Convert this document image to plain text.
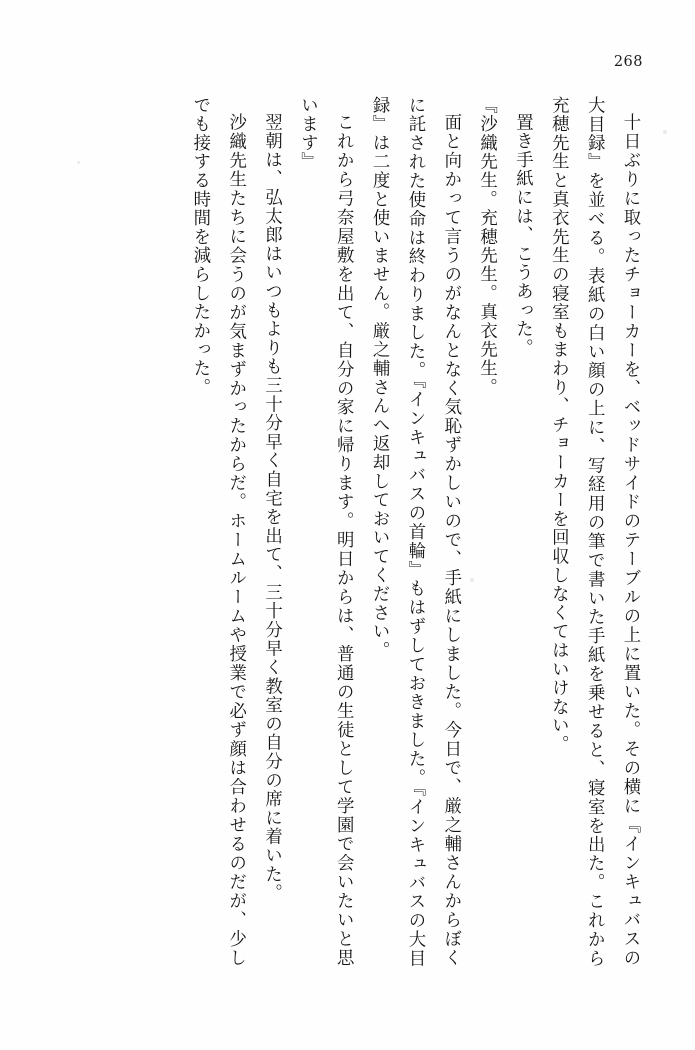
268

十日ぶりに取ったチョーカーを、ベッドサイドのテーブルの上に置いた。その横に『インキュバスの大目録』を並べる。表紙の白い顔の上に、写経用の筆で書いた手紙を乗せると、寝室を出た。これから充穂先生と真衣先生の寝室もまわり、チョーカーを回収しなくてはいけない。

置き手紙には、こうあった。

『沙織先生。充穂先生。真衣先生。

面と向かって言うのがなんとなく気恥ずかしいので、手紙にしました。今日で、厳之輔さんからぼくに託された使命は終わりました。『インキュバスの首輪』もはずしておきました。『インキュバスの大目録』は二度と使いません。厳之輔さんへ返却しておいてください。

これから弓奈屋敷を出て、自分の家に帰ります。明日からは、普通の生徒として学園で会いたいと思います』

翌朝は、弘太郎はいつもよりも三十分早く自宅を出て、三十分早く教室の自分の席に着いた。

沙織先生たちに会うのが気まずかったからだ。ホームルームや授業で必ず顔は合わせるのだが、少しでも接する時間を減らしたかった。
